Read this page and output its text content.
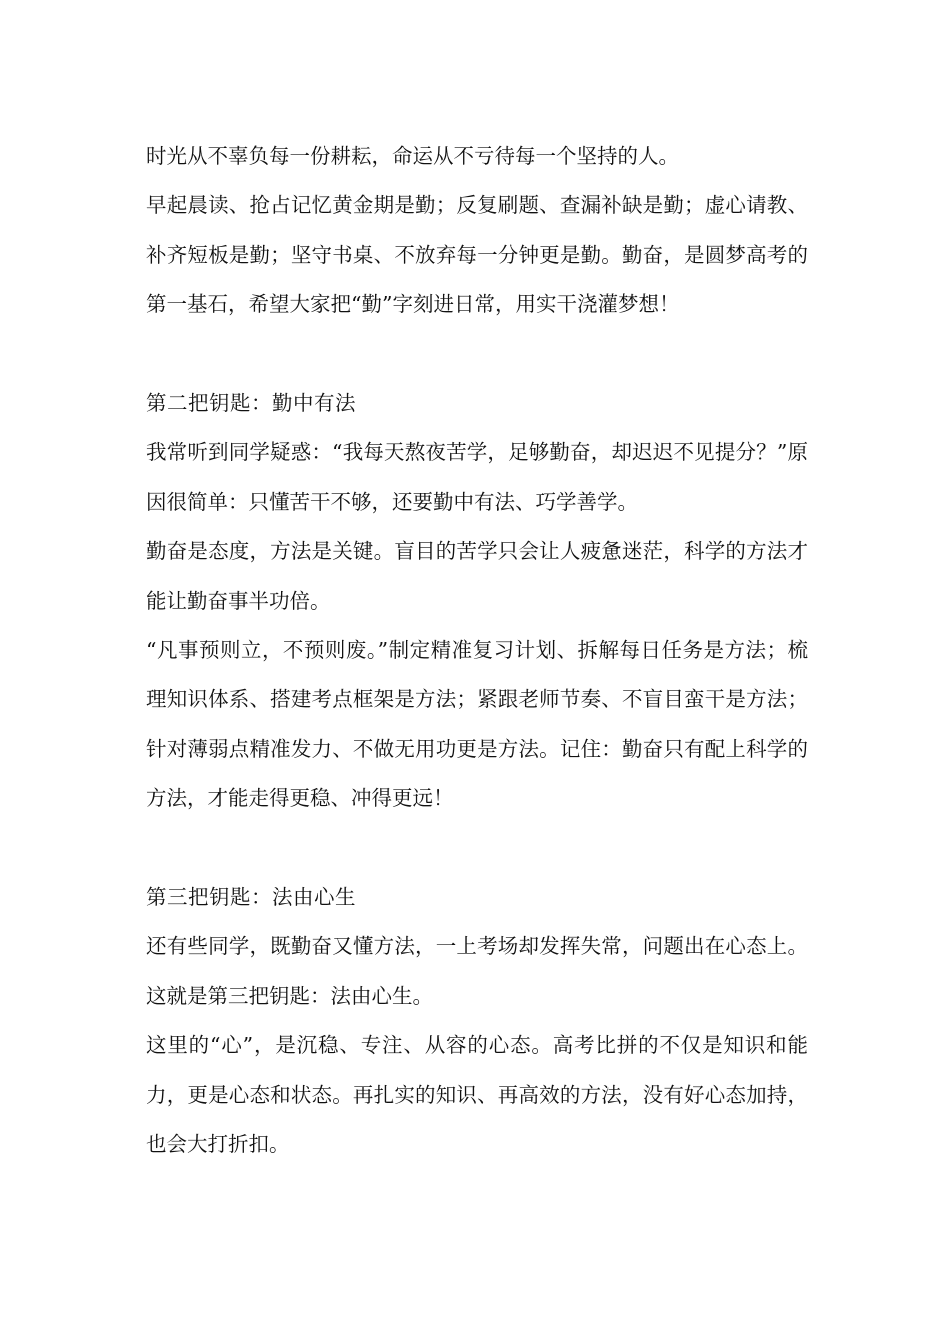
时光从不辜负每一份耕耘，命运从不亏待每一个坚持的人。

早起晨读、抢占记忆黄金期是勤；反复刷题、查漏补缺是勤；虚心请教、补齐短板是勤；坚守书桌、不放弃每一分钟更是勤。勤奋，是圆梦高考的第一基石，希望大家把“勤”字刻进日常，用实干浇灌梦想！

第二把钥匙：勤中有法

我常听到同学疑惑：“我每天熬夜苦学，足够勤奋，却迟迟不见提分？”原因很简单：只懂苦干不够，还要勤中有法、巧学善学。

勤奋是态度，方法是关键。盲目的苦学只会让人疲惫迷茫，科学的方法才能让勤奋事半功倍。

“凡事预则立，不预则废。”制定精准复习计划、拆解每日任务是方法；梳理知识体系、搭建考点框架是方法；紧跟老师节奏、不盲目蛮干是方法；针对薄弱点精准发力、不做无用功更是方法。记住：勤奋只有配上科学的方法，才能走得更稳、冲得更远！

第三把钥匙：法由心生

还有些同学，既勤奋又懂方法，一上考场却发挥失常，问题出在心态上。这就是第三把钥匙：法由心生。

这里的“心”，是沉稳、专注、从容的心态。高考比拼的不仅是知识和能力，更是心态和状态。再扎实的知识、再高效的方法，没有好心态加持，也会大打折扣。
